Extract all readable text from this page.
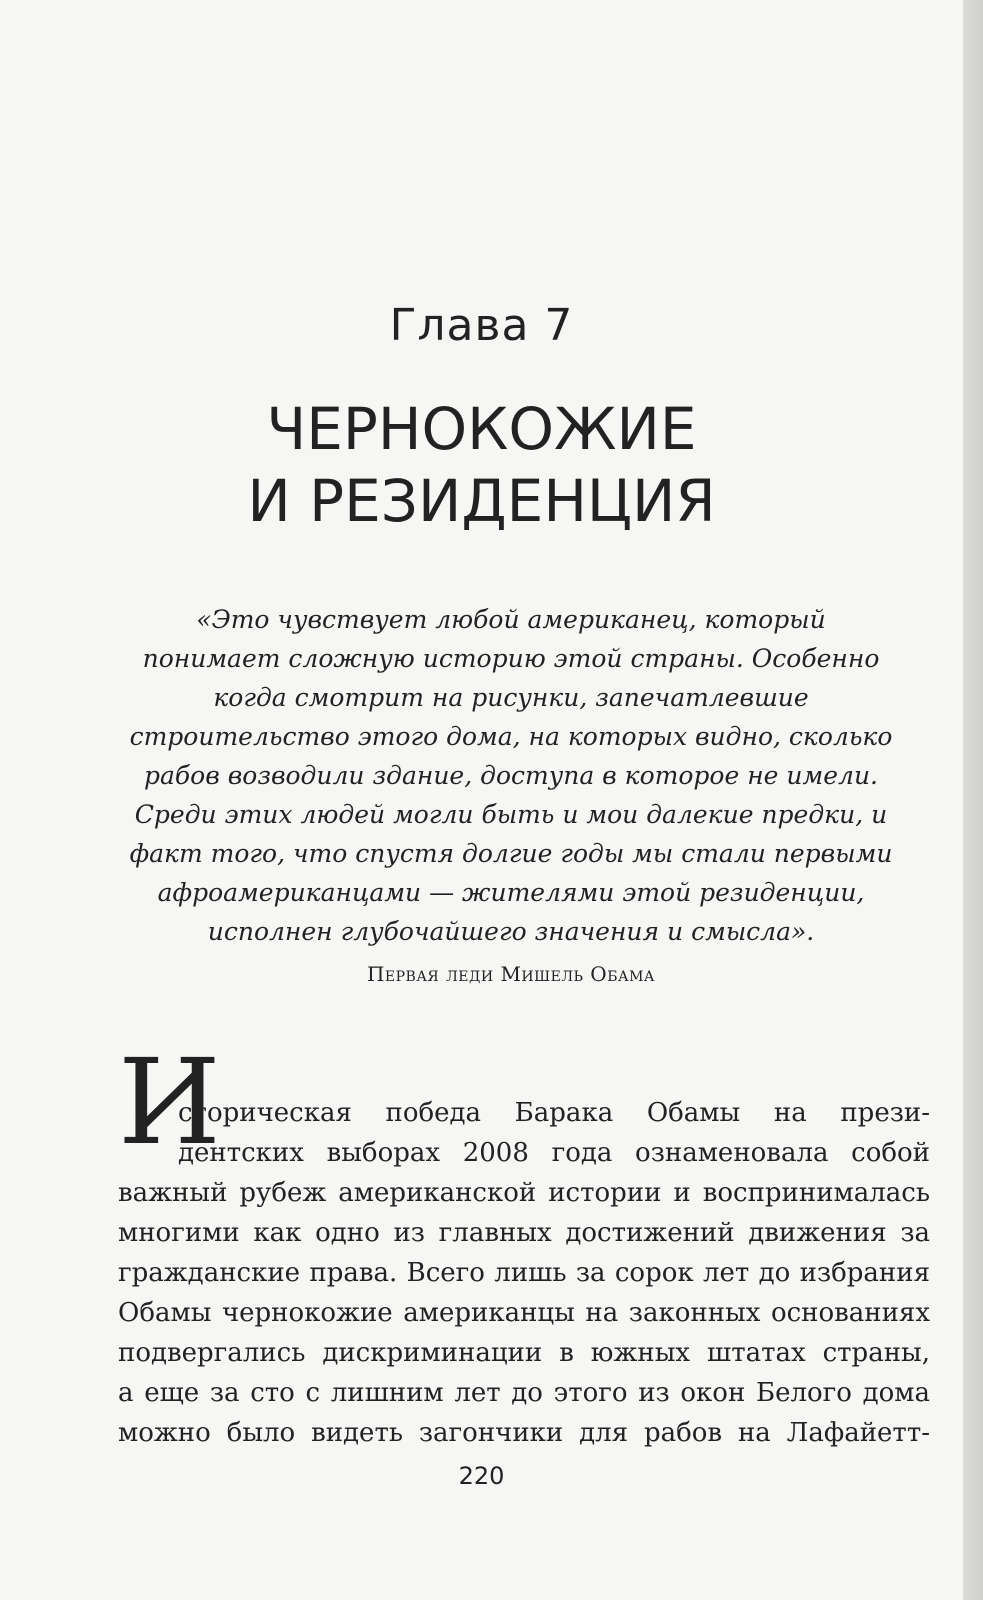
Глава 7
ЧЕРНОКОЖИЕ
И РЕЗИДЕНЦИЯ

«Это чувствует любой американец, который понимает сложную историю этой страны. Особенно когда смотрит на рисунки, запечатлевшие строительство этого дома, на которых видно, сколько рабов возводили здание, доступа в которое не имели. Среди этих людей могли быть и мои далекие предки, и факт того, что спустя долгие годы мы стали первыми афроамериканцами — жителями этой резиденции, исполнен глубочайшего значения и смысла».

Первая леди Мишель Обама
И
сторическая победа Барака Обамы на прези-
дентских выборах 2008 года ознаменовала собой
важный рубеж американской истории и воспринималась
многими как одно из главных достижений движения за
гражданские права. Всего лишь за сорок лет до избрания
Обамы чернокожие американцы на законных основаниях
подвергались дискриминации в южных штатах страны,
а еще за сто с лишним лет до этого из окон Белого дома
можно было видеть загончики для рабов на Лафайетт-
220
